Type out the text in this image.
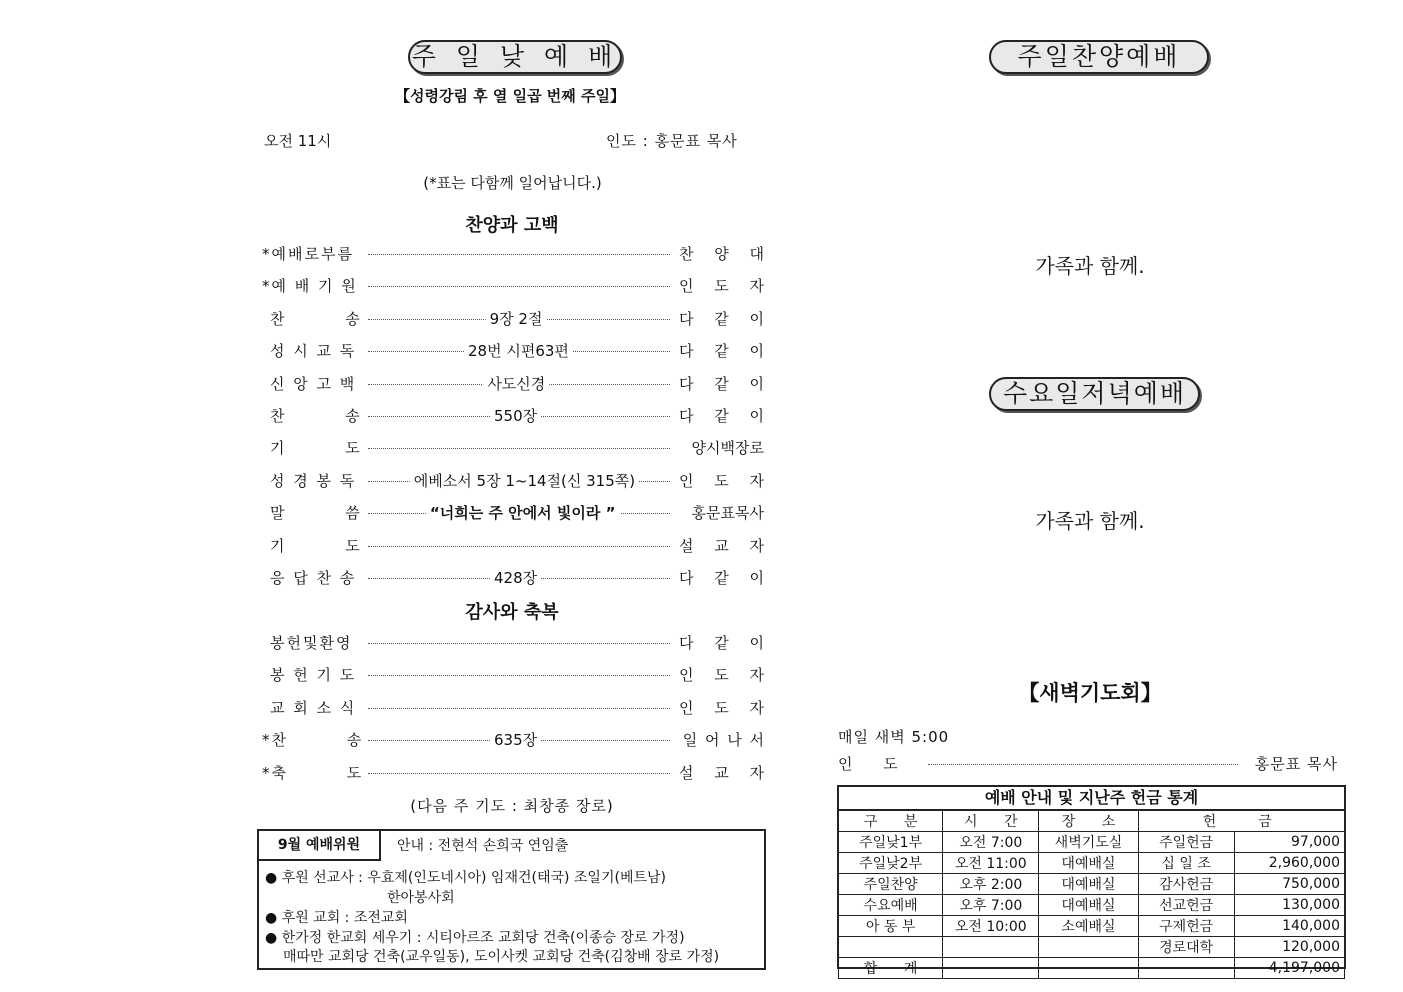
주 일 낮 예 배
【성령강림 후 열 일곱 번째 주일】
오전 11시	인도 : 홍문표 목사
(*표는 다함께 일어납니다.)
찬양과 고백
*예배로부름	찬 양 대
*예 배 기 원	인 도 자
찬 송	9장 2절	다 같 이
성 시 교 독	28번 시편63편	다 같 이
신 앙 고 백	사도신경	다 같 이
찬 송	550장	다 같 이
기 도	양시백장로
성 경 봉 독	에베소서 5장 1~14절(신 315쪽)	인 도 자
말 씀	“너희는 주 안에서 빛이라 ”	홍문표목사
기 도	설 교 자
응 답 찬 송	428장	다 같 이
감사와 축복
봉헌및환영	다 같 이
봉 헌 기 도	인 도 자
교 회 소 식	인 도 자
*찬 송	635장	일 어 나 서
*축 도	설 교 자
(다음 주 기도 : 최창종 장로)
9월 예배위원	안내 : 전현석 손희국 연임출
● 후원 선교사 : 우효제(인도네시아) 임재건(태국) 조일기(베트남)
한아봉사회
● 후원 교회 : 조전교회
● 한가정 한교회 세우기 : 시티아르조 교회당 건축(이종승 장로 가정)
매따만 교회당 건축(교우일동), 도이사켓 교회당 건축(김창배 장로 가정)
주일찬양예배
가족과 함께.
수요일저녁예배
가족과 함께.
【새벽기도회】
매일 새벽 5:00
인 도	홍문표 목사
예배 안내 및 지난주 헌금 통계
구 분	시 간	장 소	헌	금
주일낮1부	오전 7:00	새벽기도실	주일헌금	97,000
주일낮2부	오전 11:00	대예배실	십 일 조	2,960,000
주일찬양	오후 2:00	대예배실	감사헌금	750,000
수요예배	오후 7:00	대예배실	선교헌금	130,000
아 동 부	오전 10:00	소예배실	구제헌금	140,000
			경로대학	120,000
합 계				4,197,000
